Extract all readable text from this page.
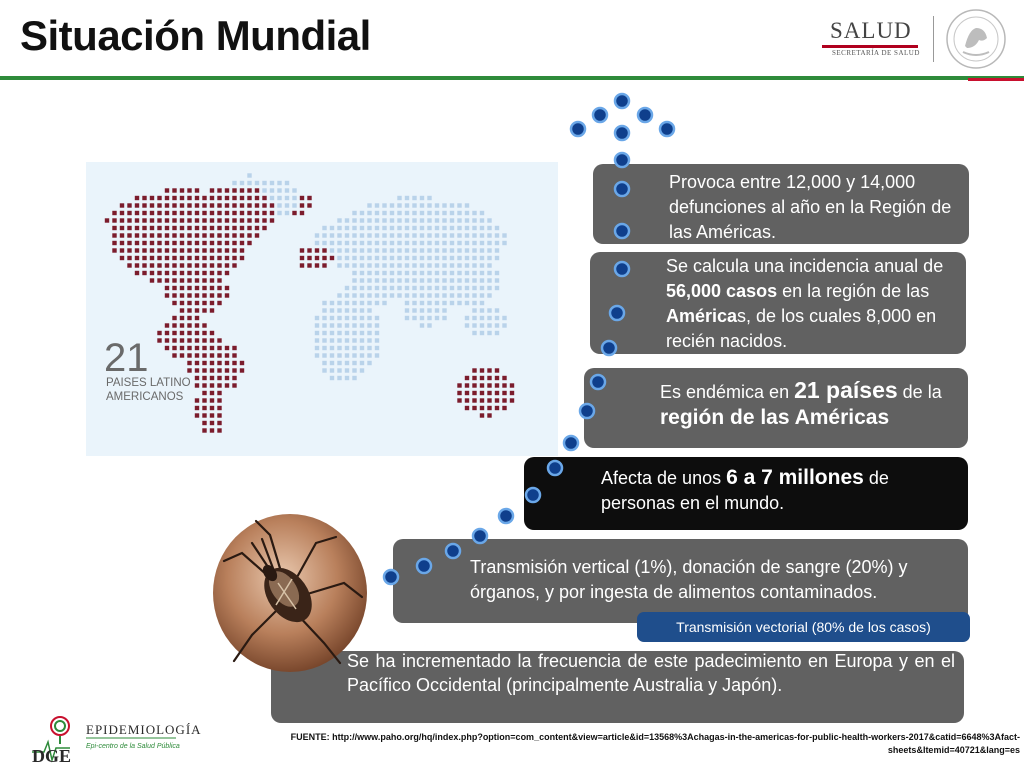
Situación Mundial	SALUD
SECRETARÍA DE SALUD
21
PAISES LATINO AMERICANOS
Provoca entre 12,000 y 14,000 defunciones al año en la Región de las Américas.
Se calcula una incidencia anual de 56,000 casos en la región de las Américas, de los cuales 8,000 en recién nacidos.
Es endémica en 21 países de la región de las Américas
Afecta de unos 6 a 7 millones de personas en el mundo.
Transmisión vertical (1%), donación de sangre (20%) y órganos, y por ingesta de alimentos contaminados.
Transmisión vectorial (80% de los casos)
Se ha incrementado la frecuencia de este padecimiento en Europa y en el Pacífico Occidental (principalmente Australia y Japón).
DGE
EPIDEMIOLOGÍA
Epi-centro de la Salud Pública
FUENTE: http://www.paho.org/hq/index.php?option=com_content&view=article&id=13568%3Achagas-in-the-americas-for-public-health-workers-2017&catid=6648%3Afact-sheets&Itemid=40721&lang=es
